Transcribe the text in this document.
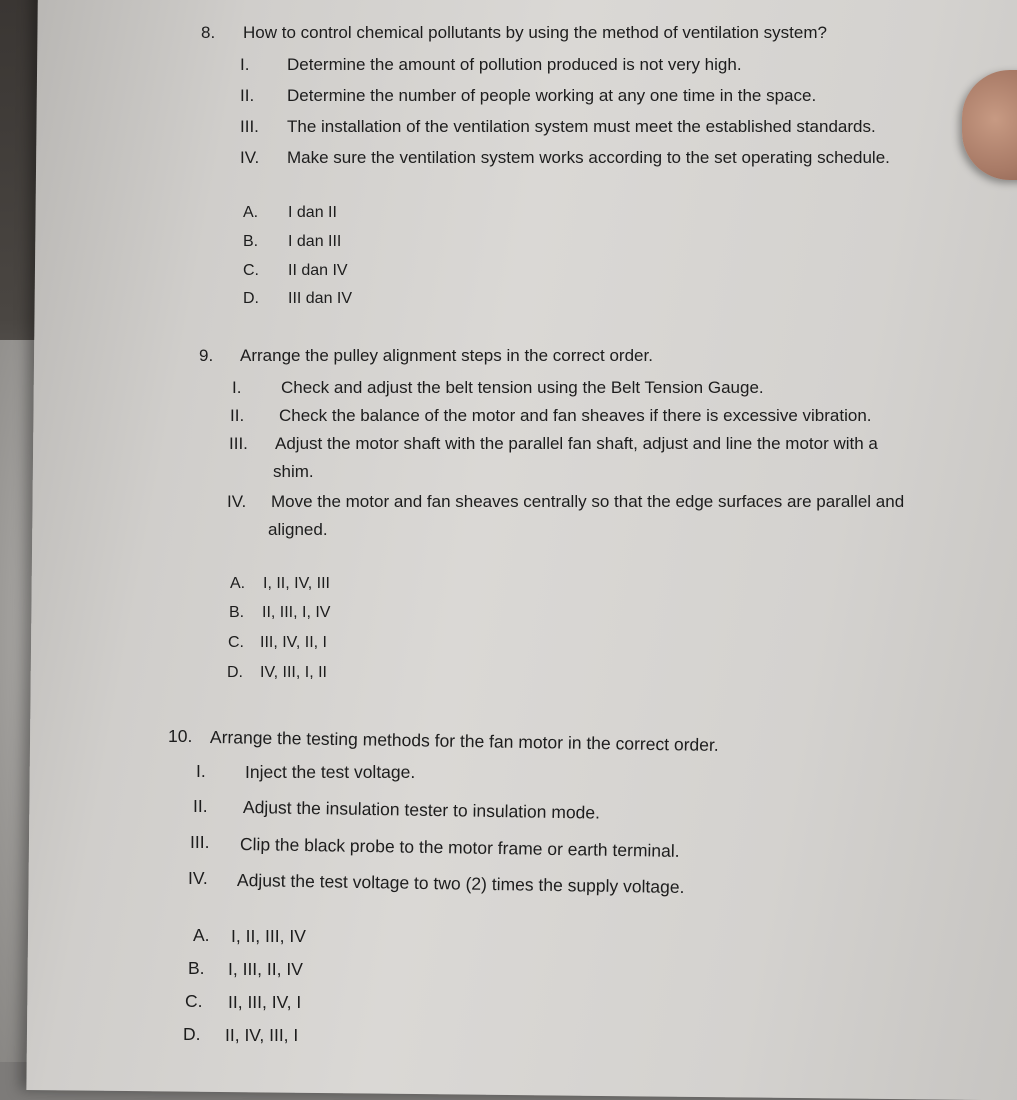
8. How to control chemical pollutants by using the method of ventilation system?
I. Determine the amount of pollution produced is not very high.
II. Determine the number of people working at any one time in the space.
III. The installation of the ventilation system must meet the established standards.
IV. Make sure the ventilation system works according to the set operating schedule.
A. I dan II
B. I dan III
C. II dan IV
D. III dan IV
9. Arrange the pulley alignment steps in the correct order.
I. Check and adjust the belt tension using the Belt Tension Gauge.
II. Check the balance of the motor and fan sheaves if there is excessive vibration.
III. Adjust the motor shaft with the parallel fan shaft, adjust and line the motor with a
shim.
IV. Move the motor and fan sheaves centrally so that the edge surfaces are parallel and
aligned.
A. I, II, IV, III
B. II, III, I, IV
C. III, IV, II, I
D. IV, III, I, II
10. Arrange the testing methods for the fan motor in the correct order.
I. Inject the test voltage.
II. Adjust the insulation tester to insulation mode.
III. Clip the black probe to the motor frame or earth terminal.
IV. Adjust the test voltage to two (2) times the supply voltage.
A. I, II, III, IV
B. I, III, II, IV
C. II, III, IV, I
D. II, IV, III, I
